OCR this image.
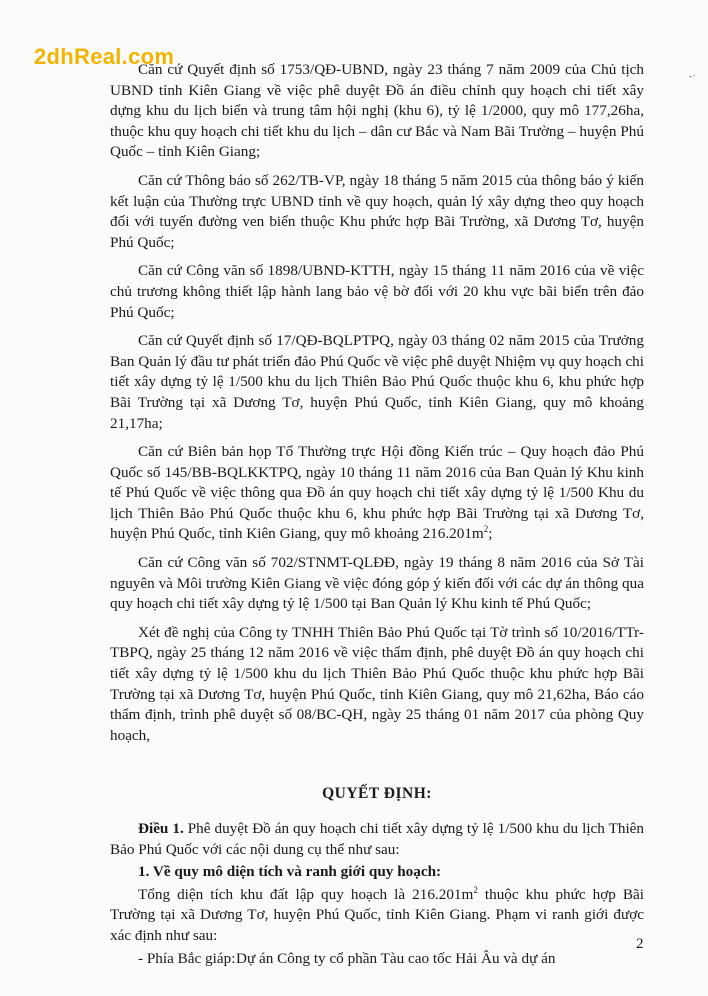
2dhReal.com
-·

Căn cứ Quyết định số 1753/QĐ-UBND, ngày 23 tháng 7 năm 2009 của Chủ tịch UBND tỉnh Kiên Giang về việc phê duyệt Đồ án điều chỉnh quy hoạch chi tiết xây dựng khu du lịch biển và trung tâm hội nghị (khu 6), tỷ lệ 1/2000, quy mô 177,26ha, thuộc khu quy hoạch chi tiết khu du lịch – dân cư Bắc và Nam Bãi Trường – huyện Phú Quốc – tỉnh Kiên Giang;

Căn cứ Thông báo số 262/TB-VP, ngày 18 tháng 5 năm 2015 của thông báo ý kiến kết luận của Thường trực UBND tỉnh về quy hoạch, quản lý xây dựng theo quy hoạch đối với tuyến đường ven biển thuộc Khu phức hợp Bãi Trường, xã Dương Tơ, huyện Phú Quốc;

Căn cứ Công văn số 1898/UBND-KTTH, ngày 15 tháng 11 năm 2016 của về việc chủ trương không thiết lập hành lang bảo vệ bờ đối với 20 khu vực bãi biển trên đảo Phú Quốc;

Căn cứ Quyết định số 17/QĐ-BQLPTPQ, ngày 03 tháng 02 năm 2015 của Trưởng Ban Quản lý đầu tư phát triển đảo Phú Quốc về việc phê duyệt Nhiệm vụ quy hoạch chi tiết xây dựng tỷ lệ 1/500 khu du lịch Thiên Bảo Phú Quốc thuộc khu 6, khu phức hợp Bãi Trường tại xã Dương Tơ, huyện Phú Quốc, tỉnh Kiên Giang, quy mô khoảng 21,17ha;

Căn cứ Biên bản họp Tổ Thường trực Hội đồng Kiến trúc – Quy hoạch đảo Phú Quốc số 145/BB-BQLKKTPQ, ngày 10 tháng 11 năm 2016 của Ban Quản lý Khu kinh tế Phú Quốc về việc thông qua Đồ án quy hoạch chi tiết xây dựng tỷ lệ 1/500 Khu du lịch Thiên Bảo Phú Quốc thuộc khu 6, khu phức hợp Bãi Trường tại xã Dương Tơ, huyện Phú Quốc, tỉnh Kiên Giang, quy mô khoảng $216.201m^2$;

Căn cứ Công văn số 702/STNMT-QLĐĐ, ngày 19 tháng 8 năm 2016 của Sở Tài nguyên và Môi trường Kiên Giang về việc đóng góp ý kiến đối với các dự án thông qua quy hoạch chi tiết xây dựng tỷ lệ 1/500 tại Ban Quản lý Khu kinh tế Phú Quốc;

Xét đề nghị của Công ty TNHH Thiên Bảo Phú Quốc tại Tờ trình số 10/2016/TTr-TBPQ, ngày 25 tháng 12 năm 2016 về việc thẩm định, phê duyệt Đồ án quy hoạch chi tiết xây dựng tỷ lệ 1/500 khu du lịch Thiên Bảo Phú Quốc thuộc khu phức hợp Bãi Trường tại xã Dương Tơ, huyện Phú Quốc, tỉnh Kiên Giang, quy mô 21,62ha, Báo cáo thẩm định, trình phê duyệt số 08/BC-QH, ngày 25 tháng 01 năm 2017 của phòng Quy hoạch,

QUYẾT ĐỊNH:

Điều 1. Phê duyệt Đồ án quy hoạch chi tiết xây dựng tỷ lệ 1/500 khu du lịch Thiên Bảo Phú Quốc với các nội dung cụ thể như sau:

1. Về quy mô diện tích và ranh giới quy hoạch:

Tổng diện tích khu đất lập quy hoạch là $216.201m^2$ thuộc khu phức hợp Bãi Trường tại xã Dương Tơ, huyện Phú Quốc, tỉnh Kiên Giang. Phạm vi ranh giới được xác định như sau:

- Phía Bắc giáp:Dự án Công ty cổ phần Tàu cao tốc Hải Âu và dự án

2
